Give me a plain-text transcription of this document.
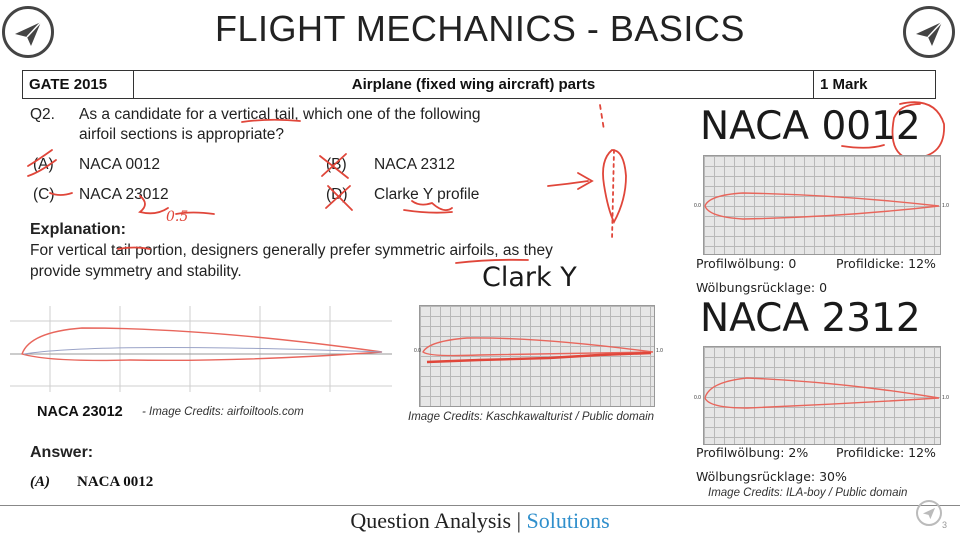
FLIGHT MECHANICS - BASICS
GATE 2015	Airplane (fixed wing aircraft) parts	1 Mark
Q2. As a candidate for a vertical tail, which one of the following
airfoil sections is appropriate?
(A) NACA 0012	(B) NACA 2312
(C) NACA 23012	(D) Clarke Y profile
Explanation:
For vertical tail portion, designers generally prefer symmetric airfoils, as they
provide symmetry and stability.
0.5
NACA 23012 - Image Credits: airfoiltools.com
Clark Y
0.0	1.0
Image Credits: Kaschkawalturist / Public domain
NACA 0012
0.0	1.0
Profilwölbung: 0	Profildicke: 12%
Wölbungsrücklage: 0
NACA 2312
0.0	1.0
Profilwölbung: 2% Profildicke: 12%
Wölbungsrücklage: 30%
Image Credits: ILA-boy / Public domain
Answer:
(A) NACA 0012
Question Analysis | Solutions	3
